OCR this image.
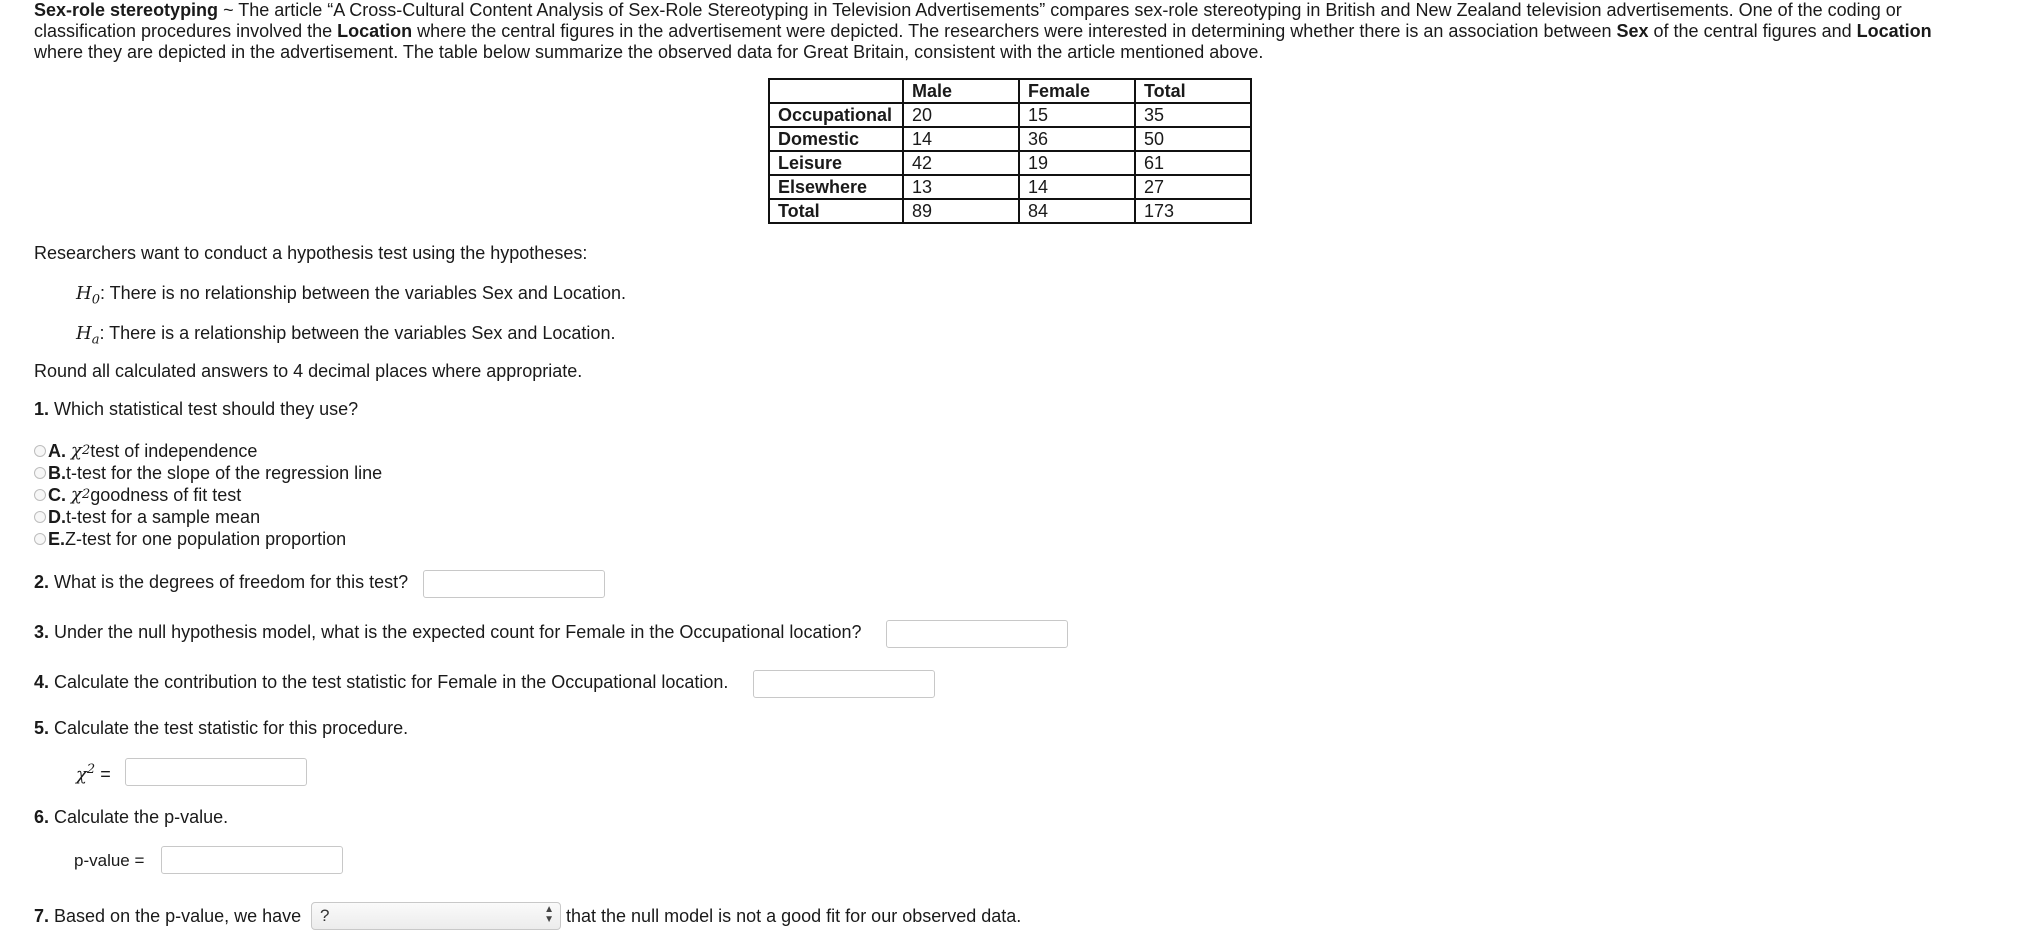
Sex-role stereotyping ~ The article “A Cross-Cultural Content Analysis of Sex-Role Stereotyping in Television Advertisements” compares sex-role stereotyping in British and New Zealand television advertisements. One of the coding or classification procedures involved the Location where the central figures in the advertisement were depicted. The researchers were interested in determining whether there is an association between Sex of the central figures and Location where they are depicted in the advertisement. The table below summarize the observed data for Great Britain, consistent with the article mentioned above.
	Male	Female	Total
Occupational	20	15	35
Domestic	14	36	50
Leisure	42	19	61
Elsewhere	13	14	27
Total	89	84	173
Researchers want to conduct a hypothesis test using the hypotheses:
$H_0$: There is no relationship between the variables Sex and Location.
$H_a$: There is a relationship between the variables Sex and Location.
Round all calculated answers to 4 decimal places where appropriate.
1. Which statistical test should they use?
A.
χ 2 test of independence
B. t-test for the slope of the regression line
C.
χ 2 goodness of fit test
D. t-test for a sample mean
E. Z-test for one population proportion
2. What is the degrees of freedom for this test?
3. Under the null hypothesis model, what is the expected count for Female in the Occupational location?
4. Calculate the contribution to the test statistic for Female in the Occupational location.
5. Calculate the test statistic for this procedure.
$\chi^2$ =
6. Calculate the p-value.
p-value =
7. Based on the p-value, we have	?	▲
▼ that the null model is not a good fit for our observed data.
